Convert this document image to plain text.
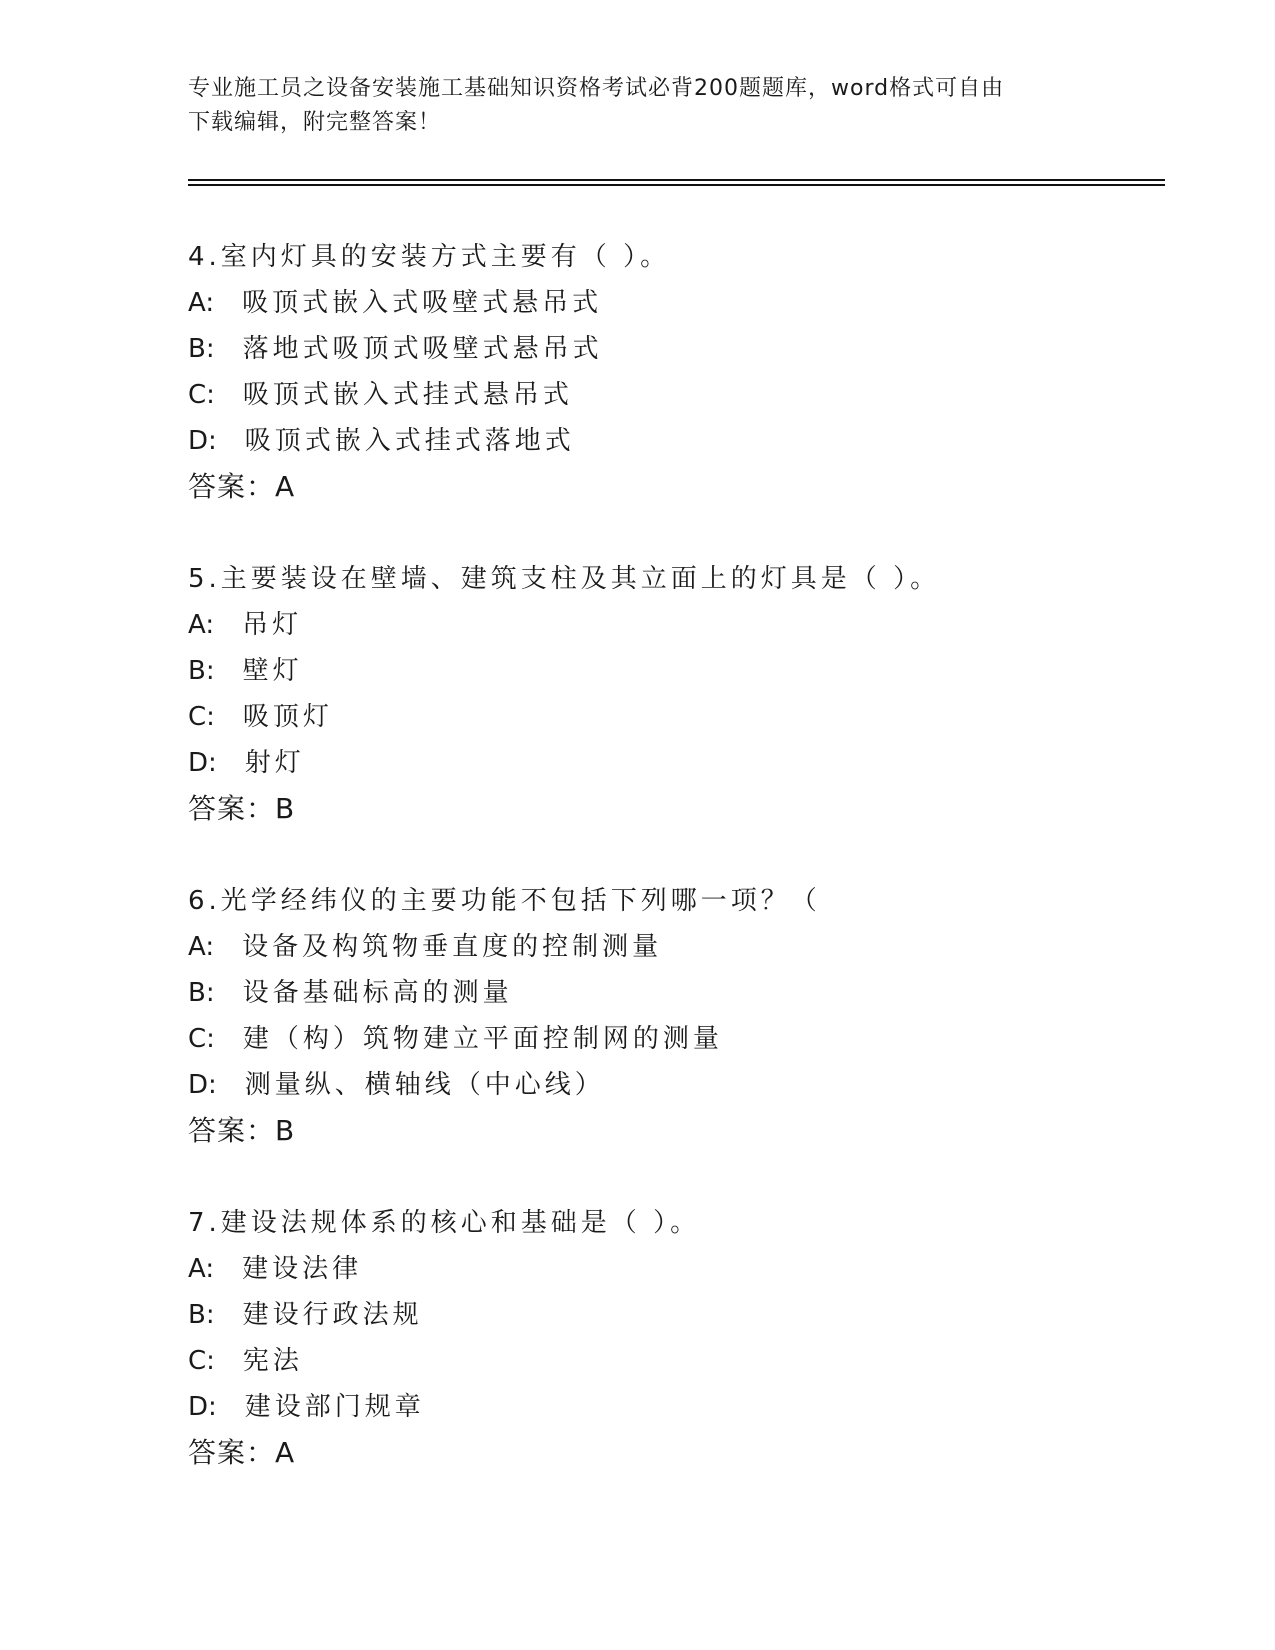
专业施工员之设备安装施工基础知识资格考试必背200题题库，word格式可自由
下载编辑，附完整答案！
4.室内灯具的安装方式主要有（ ）。
A: 吸顶式嵌入式吸壁式悬吊式
B: 落地式吸顶式吸壁式悬吊式
C: 吸顶式嵌入式挂式悬吊式
D: 吸顶式嵌入式挂式落地式
答案：A
5.主要装设在壁墙、建筑支柱及其立面上的灯具是（ ）。
A: 吊灯
B: 壁灯
C: 吸顶灯
D: 射灯
答案：B
6.光学经纬仪的主要功能不包括下列哪一项？（
A: 设备及构筑物垂直度的控制测量
B: 设备基础标高的测量
C: 建（构）筑物建立平面控制网的测量
D: 测量纵、横轴线（中心线）
答案：B
7.建设法规体系的核心和基础是（ ）。
A: 建设法律
B: 建设行政法规
C: 宪法
D: 建设部门规章
答案：A
